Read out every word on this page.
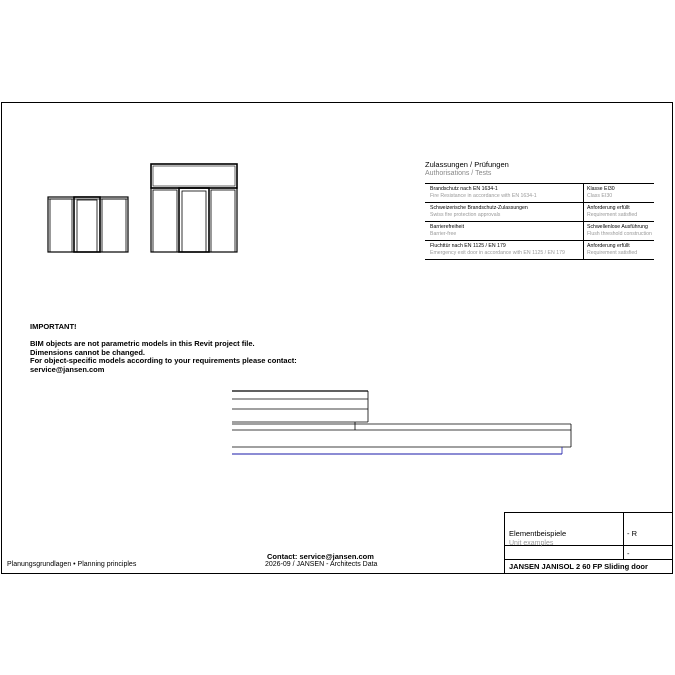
Zulassungen / Prüfungen
Authorisations / Tests
Brandschutz nach EN 1634-1
Fire Resistance in accordance with EN 1634-1
Klasse EI30
Class EI30
Schweizerische Brandschutz-Zulassungen
Swiss fire protection approvals
Anforderung erfüllt
Requirement satisfied
Barrierefreiheit
Barrier-free
Schwellenlose Ausführung
Flush threshold construction
Fluchttür nach EN 1125 / EN 179
Emergency exit door in accordance with EN 1125 / EN 179
Anforderung erfüllt
Requirement satisfied
IMPORTANT!
BIM objects are not parametric models in this Revit project file.
Dimensions cannot be changed.
For object-specific models according to your requirements please contact:
service@jansen.com
Elementbeispiele
Unit examples
- R
-
JANSEN JANISOL 2 60 FP Sliding door
Planungsgrundlagen • Planning principles
Contact: service@jansen.com
2026-09 / JANSEN - Architects Data
